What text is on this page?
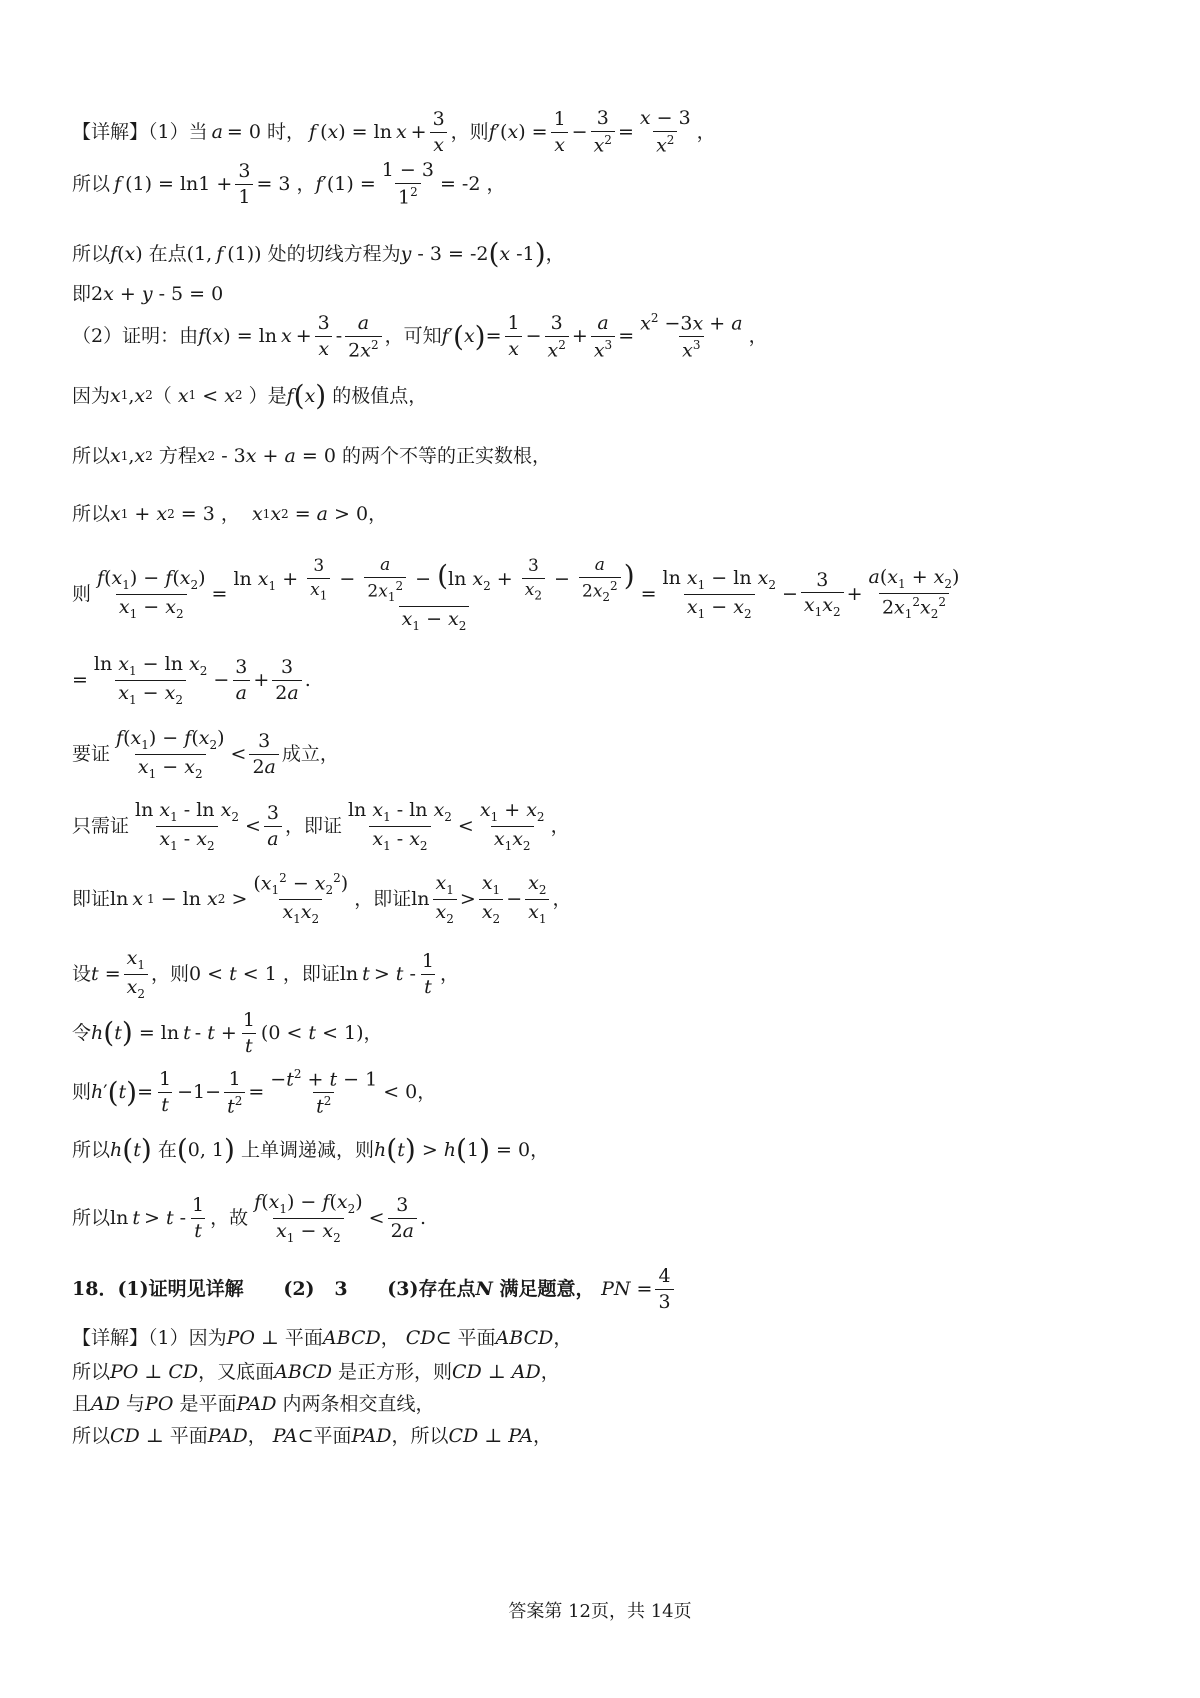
【详解】（1）当 a = 0 时， f ( x ) = $\ln x + \frac{3}{x}$ ，则 f ′( x ) = $\frac{1}{x} - \frac{3}{x^2} = \frac{x - 3}{x^2}$ ，
所以 f $(1) = \ln 1 + \frac{3}{1} = 3$ ， f $'(1) = \frac{1 - 3}{1^2} = -2$ ，
所以 f ( x ) 在点(1, f (1)) 处的切线方程为 y - 3 = -2 ( x -1 ) ，
即2 x + y - 5 = 0
（2）证明：由 f ( x ) = $\ln x + \frac{3}{x} - \frac{a}{2x^2}$ ，可知 f ′ ( x ) = $\frac{1}{x} - \frac{3}{x^2} + \frac{a}{x^3} = \frac{x^2 -3x + a}{x^3}$ ，
因为 x 1 , x 2 （ x 1 < x 2 ）是 f ( x ) 的极值点，
所以 x 1 , x 2 方程 x 2 - 3 x + a = 0 的两个不等的正实数根，
所以 x 1 + x 2 = 3 ， x 1 x 2 = a > 0，
则 $\frac{f(x_1) - f(x_2)}{x_1 - x_2} = \frac{\ln x_1 + \frac{3}{x_1} - \frac{a}{2x_1^2} - (\ln x_2 + \frac{3}{x_2} - \frac{a}{2x_2^2} )}{x_1 - x_2} = \frac{\ln x_1 - \ln x_2}{x_1 - x_2} - \frac{3}{x_1x_2} + \frac{a(x_1 + x_2)}{2x_1^2x_2^2}$
= $\frac{\ln x_1 - \ln x_2}{x_1 - x_2} - \frac{3}{a} + \frac{3}{2a}$ .
要证 $\frac{f(x_1) - f(x_2)}{x_1 - x_2} < \frac{3}{2a}$ 成立，
只需证 $\frac{\ln x_1 - \ln x_2}{x_1 - x_2} < \frac{3}{a}$ ，即证 $\frac{\ln x_1 - \ln x_2}{x_1 - x_2} < \frac{x_1 + x_2}{x_1x_2}$ ，
即证ln x 1 − ln x $2 > \frac{(x_1^2 - x_2^2)}{x_1x_2}$ ，即证$\ln \frac{x_1}{x_2} > \frac{x_1}{x_2} - \frac{x_2}{x_1}$ ，
设 $t = \frac{x_1}{x_2}$ ，则0 < t < 1 ，即证$\ln t > t - \frac{1}{t}$ ，
令 h ( t ) = $\ln t - t + \frac{1}{t} (0 < t < 1)$，
则 h ′ ( t ) = $\frac{1}{t} -1- \frac{1}{t^2} = \frac{-t^2 + t - 1}{t^2} < 0$，
所以 h ( t ) 在 ( 0, 1 ) 上单调递减，则 h ( t ) > h ( 1 ) = 0，
所以$\ln t > t - \frac{1}{t}$ ，故 $\frac{f(x_1) - f(x_2)}{x_1 - x_2} < \frac{3}{2a}$ .
18．(1)证明见详解 (2)   3 (3)存在点 N 满足题意， PN = $\frac{4}{3}$
【详解】（1）因为 PO ⊥ 平面 ABCD ， CD ⊂ 平面 ABCD ，
所以 PO ⊥ CD ，又底面 ABCD 是正方形，则 CD ⊥ AD ，
且 AD 与 PO 是平面 PAD 内两条相交直线，
所以 CD ⊥ 平面 PAD ， PA ⊂平面 PAD ，所以 CD ⊥ PA ，
答案第 12页，共 14页
